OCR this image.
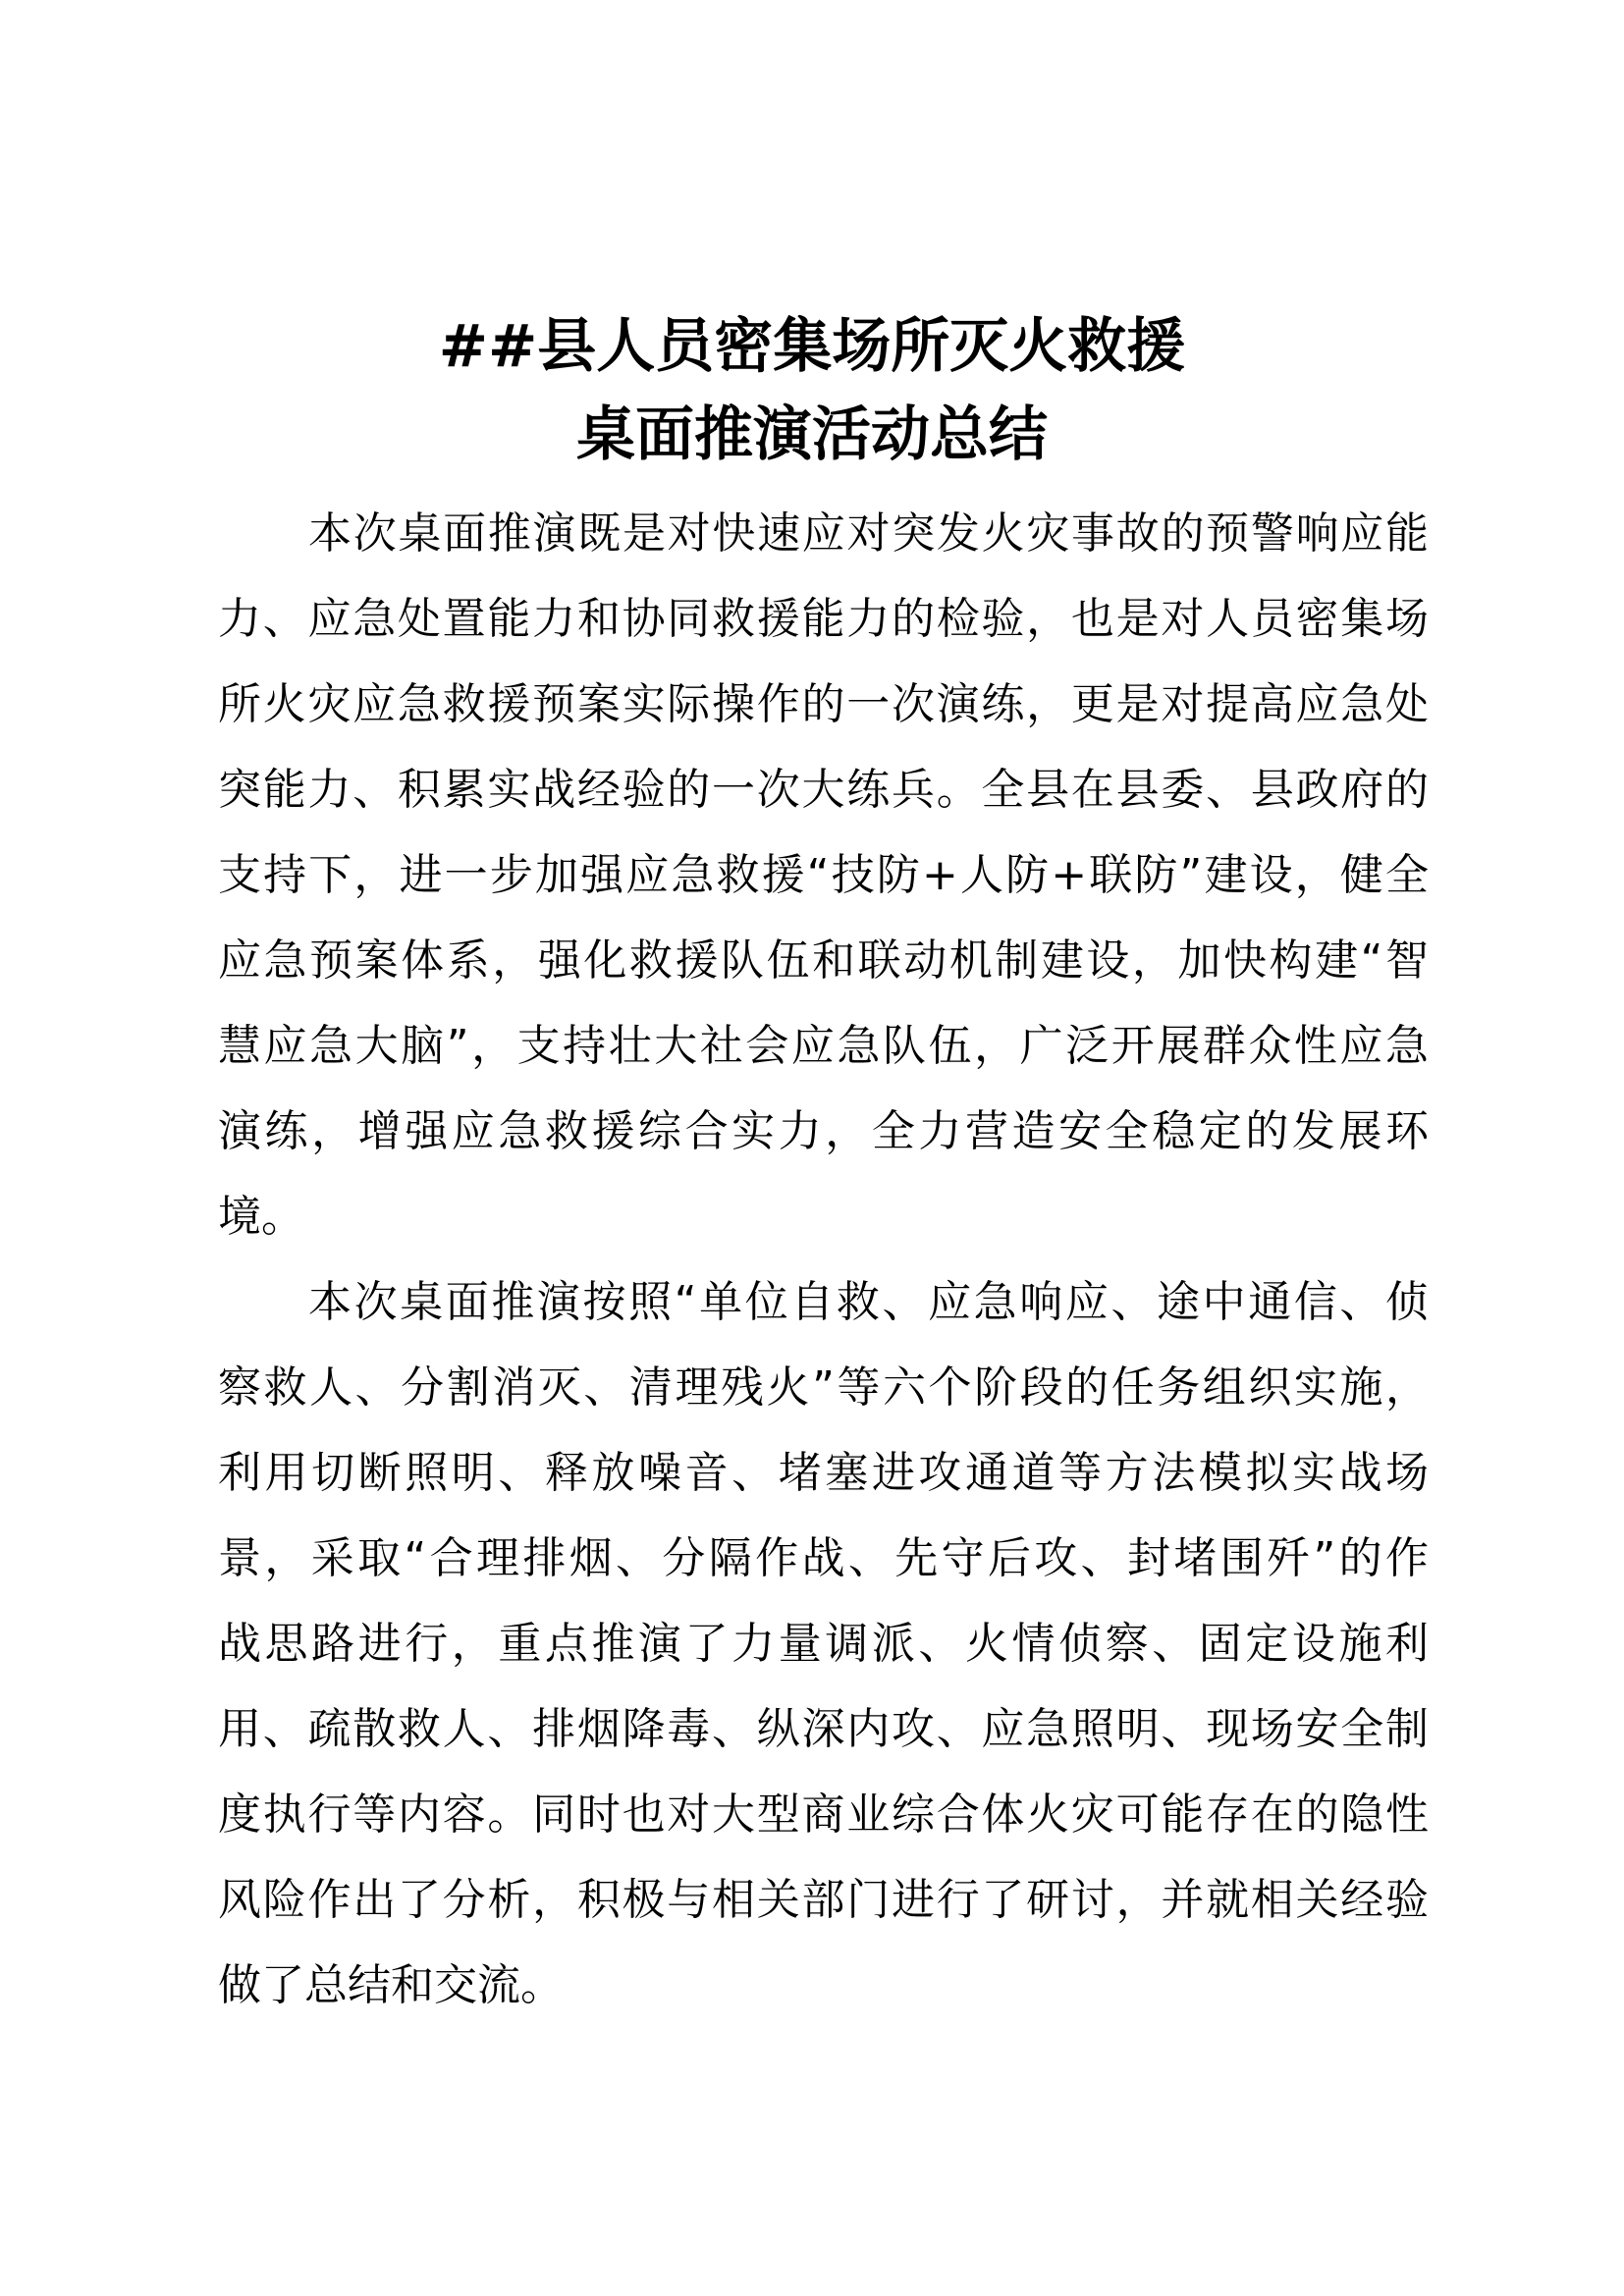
##县人员密集场所灭火救援
桌面推演活动总结
本次桌面推演既是对快速应对突发火灾事故的预警响应能
力、应急处置能力和协同救援能力的检验，也是对人员密集场
所火灾应急救援预案实际操作的一次演练，更是对提高应急处
突能力、积累实战经验的一次大练兵。全县在县委、县政府的
支持下，进一步加强应急救援“技防+人防+联防”建设，健全
应急预案体系，强化救援队伍和联动机制建设，加快构建“智
慧应急大脑”，支持壮大社会应急队伍，广泛开展群众性应急
演练，增强应急救援综合实力，全力营造安全稳定的发展环
境。
本次桌面推演按照“单位自救、应急响应、途中通信、侦
察救人、分割消灭、清理残火”等六个阶段的任务组织实施，
利用切断照明、释放噪音、堵塞进攻通道等方法模拟实战场
景，采取“合理排烟、分隔作战、先守后攻、封堵围歼”的作
战思路进行，重点推演了力量调派、火情侦察、固定设施利
用、疏散救人、排烟降毒、纵深内攻、应急照明、现场安全制
度执行等内容。同时也对大型商业综合体火灾可能存在的隐性
风险作出了分析，积极与相关部门进行了研讨，并就相关经验
做了总结和交流。
